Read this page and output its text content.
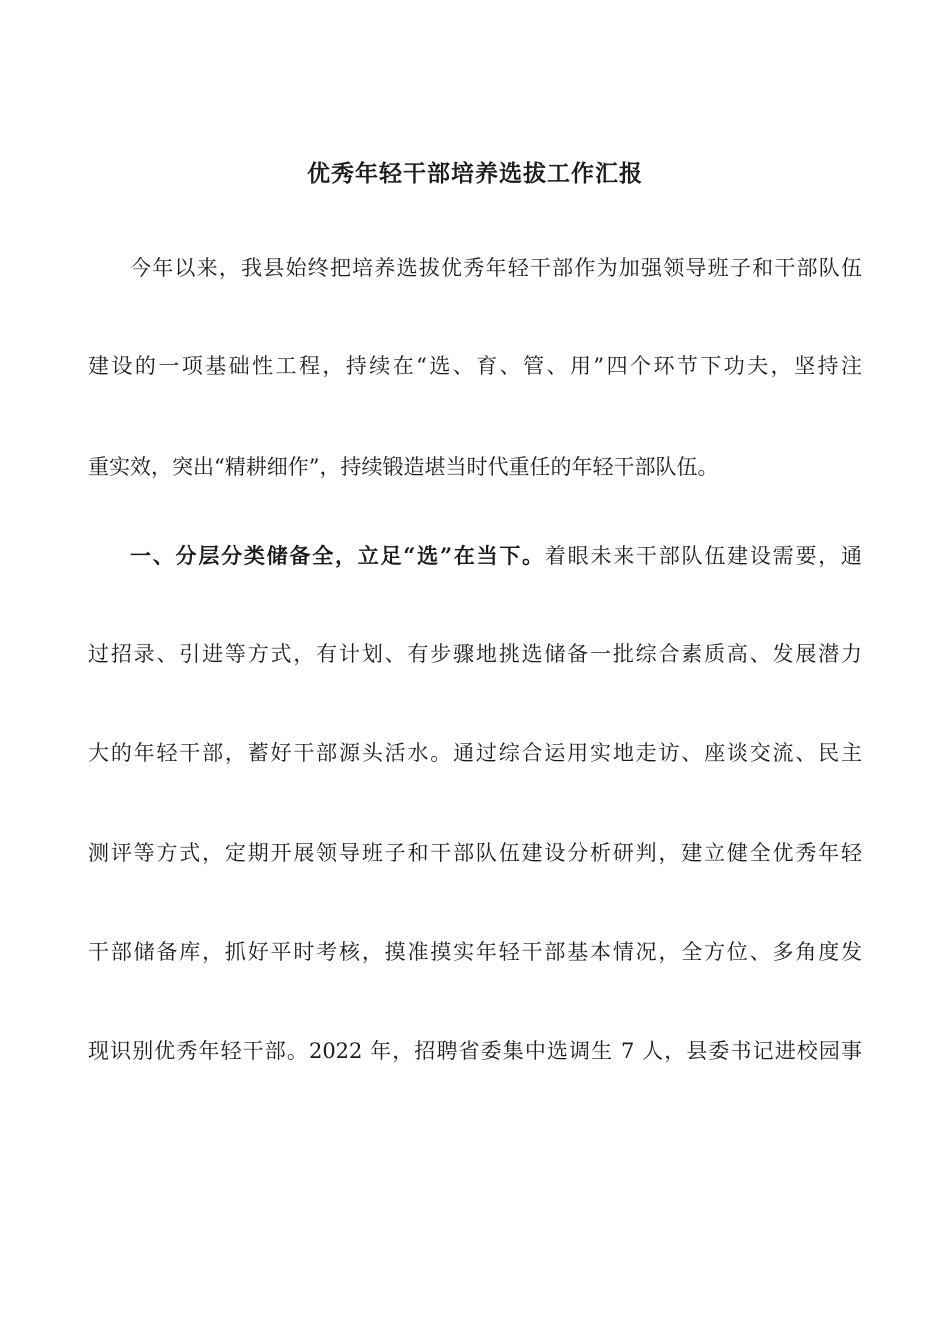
优秀年轻干部培养选拔工作汇报

今年以来，我县始终把培养选拔优秀年轻干部作为加强领导班子和干部队伍

建设的一项基础性工程，持续在“选、育、管、用”四个环节下功夫，坚持注

重实效，突出“精耕细作”，持续锻造堪当时代重任的年轻干部队伍。

一、分层分类储备全，立足“选”在当下。着眼未来干部队伍建设需要，通

过招录、引进等方式，有计划、有步骤地挑选储备一批综合素质高、发展潜力

大的年轻干部，蓄好干部源头活水。通过综合运用实地走访、座谈交流、民主

测评等方式，定期开展领导班子和干部队伍建设分析研判，建立健全优秀年轻

干部储备库，抓好平时考核，摸准摸实年轻干部基本情况，全方位、多角度发

现识别优秀年轻干部。2022 年，招聘省委集中选调生 7 人，县委书记进校园事
